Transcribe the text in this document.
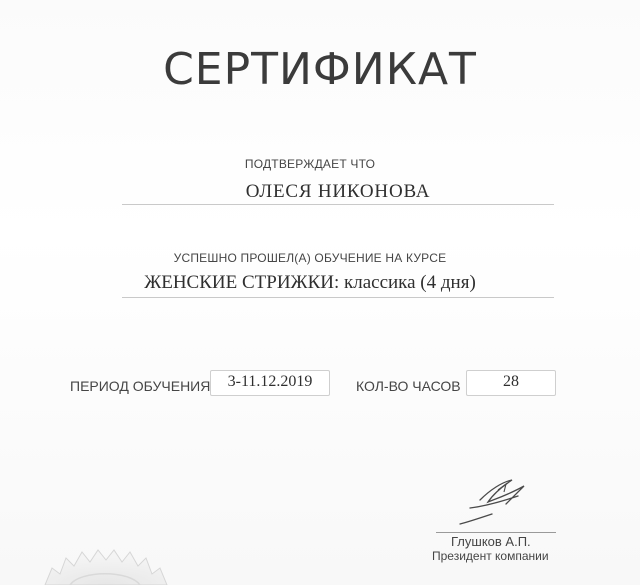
СЕРТИФИКАТ
ПОДТВЕРЖДАЕТ ЧТО
ОЛЕСЯ НИКОНОВА
УСПЕШНО ПРОШЕЛ(А) ОБУЧЕНИЕ НА КУРСЕ
ЖЕНСКИЕ СТРИЖКИ: классика (4 дня)
ПЕРИОД ОБУЧЕНИЯ	3-11.12.2019	КОЛ-ВО ЧАСОВ	28
Глушков А.П.
Президент компании
